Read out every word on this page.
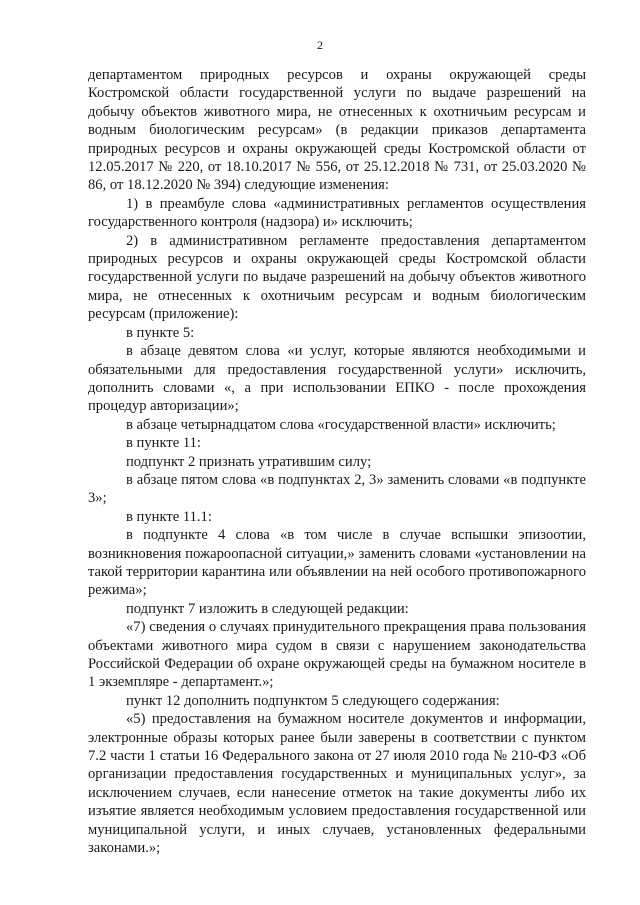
2

департаментом природных ресурсов и охраны окружающей среды Костромской области государственной услуги по выдаче разрешений на добычу объектов животного мира, не отнесенных к охотничьим ресурсам и водным биологическим ресурсам» (в редакции приказов департамента природных ресурсов и охраны окружающей среды Костромской области от 12.05.2017 № 220, от 18.10.2017 № 556, от 25.12.2018 № 731, от 25.03.2020 № 86, от 18.12.2020 № 394) следующие изменения:

1) в преамбуле слова «административных регламентов осуществления государственного контроля (надзора) и» исключить;

2) в административном регламенте предоставления департаментом природных ресурсов и охраны окружающей среды Костромской области государственной услуги по выдаче разрешений на добычу объектов животного мира, не отнесенных к охотничьим ресурсам и водным биологическим ресурсам (приложение):

в пункте 5:

в абзаце девятом слова «и услуг, которые являются необходимыми и обязательными для предоставления государственной услуги» исключить, дополнить словами «, а при использовании ЕПКО - после прохождения процедур авторизации»;

в абзаце четырнадцатом слова «государственной власти» исключить;

в пункте 11:

подпункт 2 признать утратившим силу;

в абзаце пятом слова «в подпунктах 2, 3» заменить словами «в подпункте 3»;

в пункте 11.1:

в подпункте 4 слова «в том числе в случае вспышки эпизоотии, возникновения пожароопасной ситуации,» заменить словами «установлении на такой территории карантина или объявлении на ней особого противопожарного режима»;

подпункт 7 изложить в следующей редакции:

«7) сведения о случаях принудительного прекращения права пользования объектами животного мира судом в связи с нарушением законодательства Российской Федерации об охране окружающей среды на бумажном носителе в 1 экземпляре - департамент.»;

пункт 12 дополнить подпунктом 5 следующего содержания:

«5) предоставления на бумажном носителе документов и информации, электронные образы которых ранее были заверены в соответствии с пунктом 7.2 части 1 статьи 16 Федерального закона от 27 июля 2010 года № 210-ФЗ «Об организации предоставления государственных и муниципальных услуг», за исключением случаев, если нанесение отметок на такие документы либо их изъятие является необходимым условием предоставления государственной или муниципальной услуги, и иных случаев, установленных федеральными законами.»;
